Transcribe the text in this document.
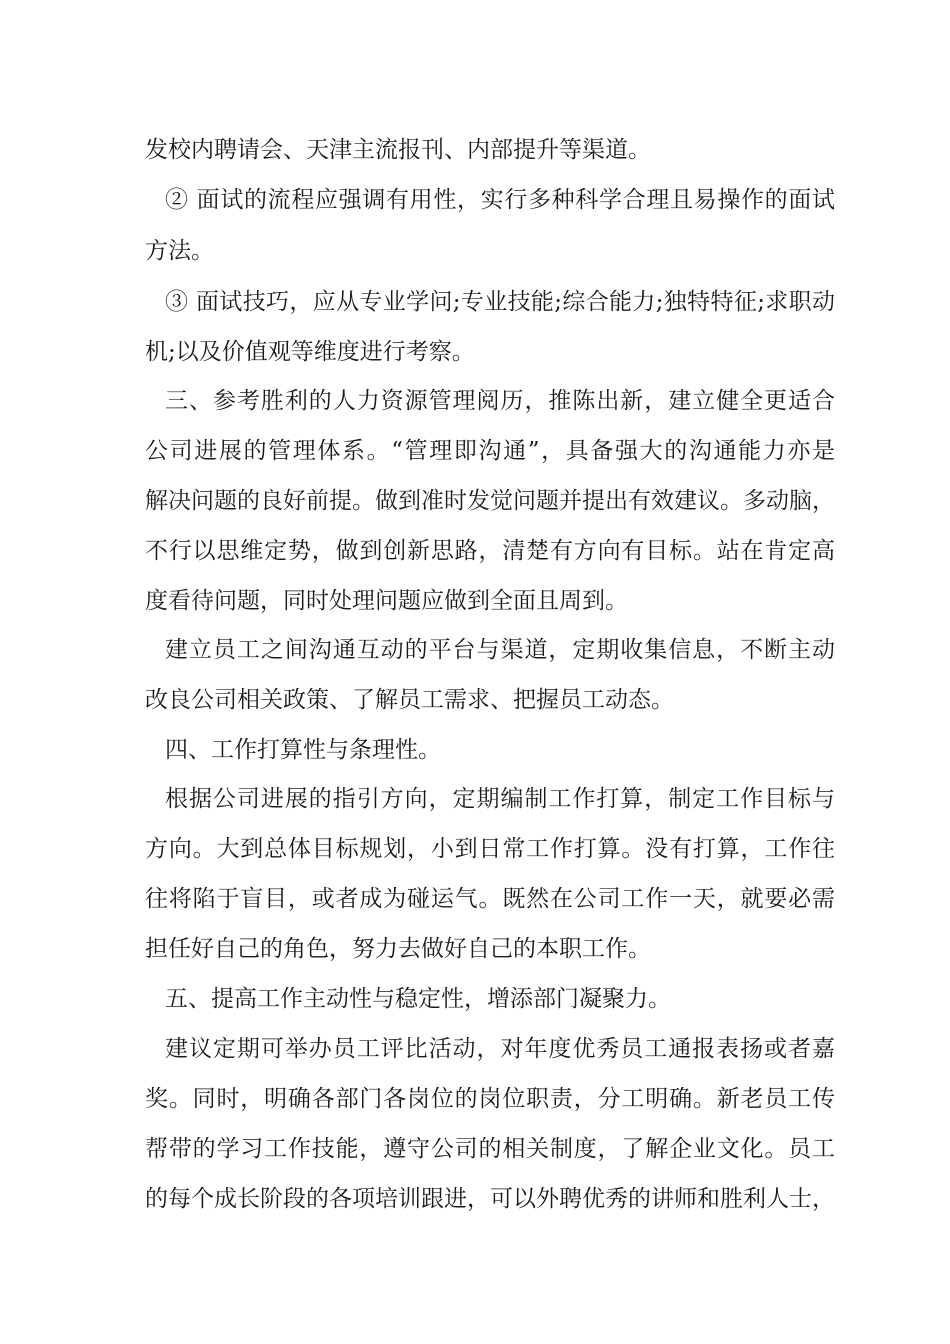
发校内聘请会、天津主流报刊、内部提升等渠道。
② 面试的流程应强调有用性，实行多种科学合理且易操作的面试
方法。
③ 面试技巧，应从专业学问;专业技能;综合能力;独特特征;求职动
机;以及价值观等维度进行考察。
三、参考胜利的人力资源管理阅历，推陈出新，建立健全更适合
公司进展的管理体系。“管理即沟通”，具备强大的沟通能力亦是
解决问题的良好前提。做到准时发觉问题并提出有效建议。多动脑，
不行以思维定势，做到创新思路，清楚有方向有目标。站在肯定高
度看待问题，同时处理问题应做到全面且周到。
建立员工之间沟通互动的平台与渠道，定期收集信息，不断主动
改良公司相关政策、了解员工需求、把握员工动态。
四、工作打算性与条理性。
根据公司进展的指引方向，定期编制工作打算，制定工作目标与
方向。大到总体目标规划，小到日常工作打算。没有打算，工作往
往将陷于盲目，或者成为碰运气。既然在公司工作一天，就要必需
担任好自己的角色，努力去做好自己的本职工作。
五、提高工作主动性与稳定性，增添部门凝聚力。
建议定期可举办员工评比活动，对年度优秀员工通报表扬或者嘉
奖。同时，明确各部门各岗位的岗位职责，分工明确。新老员工传
帮带的学习工作技能，遵守公司的相关制度，了解企业文化。员工
的每个成长阶段的各项培训跟进，可以外聘优秀的讲师和胜利人士，
